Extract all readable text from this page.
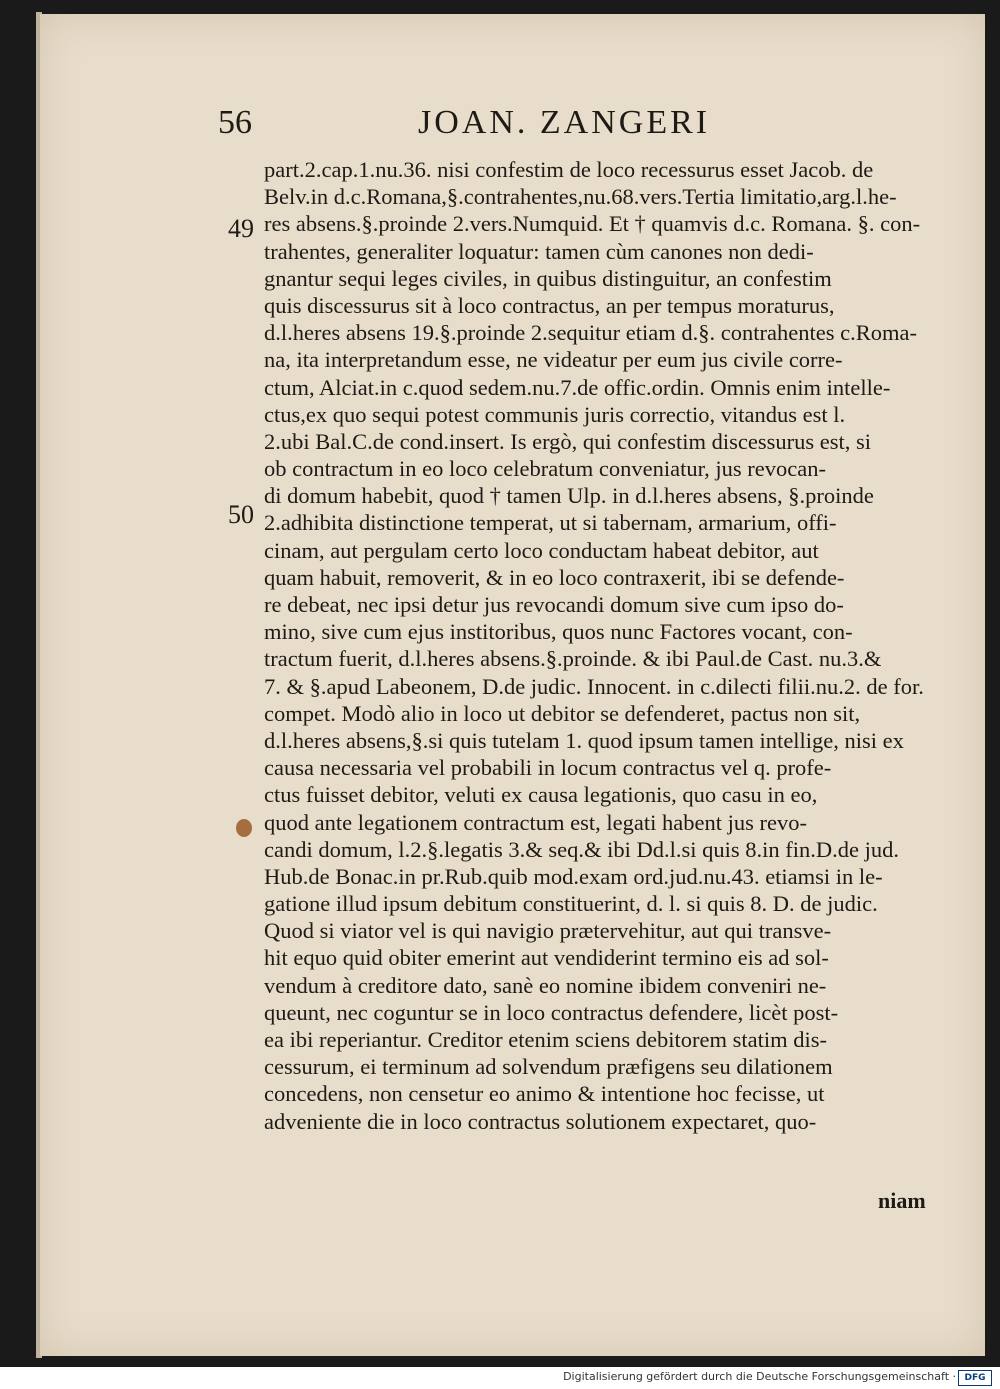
56	JOAN. ZANGERI
49
50
part.2.cap.1.nu.36. nisi confestim de loco recessurus esset Jacob. de
Belv.in d.c.Romana,§.contrahentes,nu.68.vers.Tertia limitatio,arg.l.he-
res absens.§.proinde 2.vers.Numquid. Et † quamvis d.c. Romana. §. con-
trahentes, generaliter loquatur: tamen cùm canones non dedi-
gnantur sequi leges civiles, in quibus distinguitur, an confestim
quis discessurus sit à loco contractus, an per tempus moraturus,
d.l.heres absens 19.§.proinde 2.sequitur etiam d.§. contrahentes c.Roma-
na, ita interpretandum esse, ne videatur per eum jus civile corre-
ctum, Alciat.in c.quod sedem.nu.7.de offic.ordin. Omnis enim intelle-
ctus,ex quo sequi potest communis juris correctio, vitandus est l.
2.ubi Bal.C.de cond.insert. Is ergò, qui confestim discessurus est, si
ob contractum in eo loco celebratum conveniatur, jus revocan-
di domum habebit, quod † tamen Ulp. in d.l.heres absens, §.proinde
2.adhibita distinctione temperat, ut si tabernam, armarium, offi-
cinam, aut pergulam certo loco conductam habeat debitor, aut
quam habuit, removerit, & in eo loco contraxerit, ibi se defende-
re debeat, nec ipsi detur jus revocandi domum sive cum ipso do-
mino, sive cum ejus institoribus, quos nunc Factores vocant, con-
tractum fuerit, d.l.heres absens.§.proinde. & ibi Paul.de Cast. nu.3.&
7. & §.apud Labeonem, D.de judic. Innocent. in c.dilecti filii.nu.2. de for.
compet. Modò alio in loco ut debitor se defenderet, pactus non sit,
d.l.heres absens,§.si quis tutelam 1. quod ipsum tamen intellige, nisi ex
causa necessaria vel probabili in locum contractus vel q. profe-
ctus fuisset debitor, veluti ex causa legationis, quo casu in eo,
quod ante legationem contractum est, legati habent jus revo-
candi domum, l.2.§.legatis 3.& seq.& ibi Dd.l.si quis 8.in fin.D.de jud.
Hub.de Bonac.in pr.Rub.quib mod.exam ord.jud.nu.43. etiamsi in le-
gatione illud ipsum debitum constituerint, d. l. si quis 8. D. de judic.
Quod si viator vel is qui navigio prætervehitur, aut qui transve-
hit equo quid obiter emerint aut vendiderint termino eis ad sol-
vendum à creditore dato, sanè eo nomine ibidem conveniri ne-
queunt, nec coguntur se in loco contractus defendere, licèt post-
ea ibi reperiantur. Creditor etenim sciens debitorem statim dis-
cessurum, ei terminum ad solvendum præfigens seu dilationem
concedens, non censetur eo animo & intentione hoc fecisse, ut
adveniente die in loco contractus solutionem expectaret, quo-
niam
Digitalisierung gefördert durch die Deutsche Forschungsgemeinschaft · DFG
